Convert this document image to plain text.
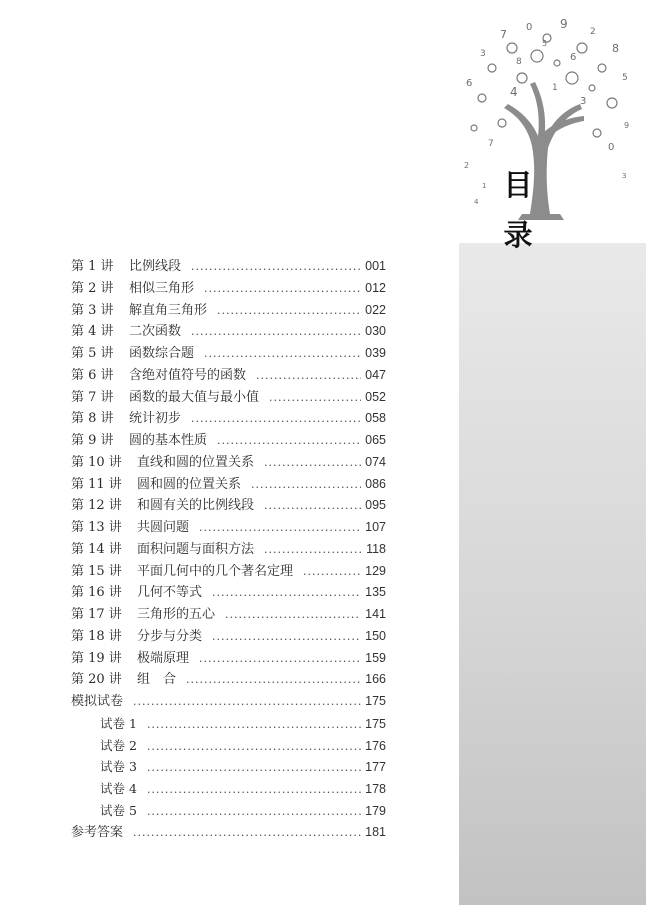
3
7
0 9
2
8
5
6
4	1
3
7	0
2
9
5
6
8
1
4
3
目
录
第 1 讲	比例线段 .....	001
第 2 讲	相似三角形 .....	012
第 3 讲	解直角三角形 .....	022
第 4 讲	二次函数 .....	030
第 5 讲	函数综合题 .....	039
第 6 讲	含绝对值符号的函数 .....	047
第 7 讲	函数的最大值与最小值 .....	052
第 8 讲	统计初步 .....	058
第 9 讲	圆的基本性质 .....	065
第 10 讲	直线和圆的位置关系 .....	074
第 11 讲	圆和圆的位置关系 .....	086
第 12 讲	和圆有关的比例线段 .....	095
第 13 讲	共圆问题 .....	107
第 14 讲	面积问题与面积方法 .....	118
第 15 讲	平面几何中的几个著名定理 .....	129
第 16 讲	几何不等式 .....	135
第 17 讲	三角形的五心 .....	141
第 18 讲	分步与分类 .....	150
第 19 讲	极端原理 .....	159
第 20 讲	组　合 .....	166
模拟试卷 .....	175
试卷 1 .....	175
试卷 2 .....	176
试卷 3 .....	177
试卷 4 .....	178
试卷 5 .....	179
参考答案 .....	181
